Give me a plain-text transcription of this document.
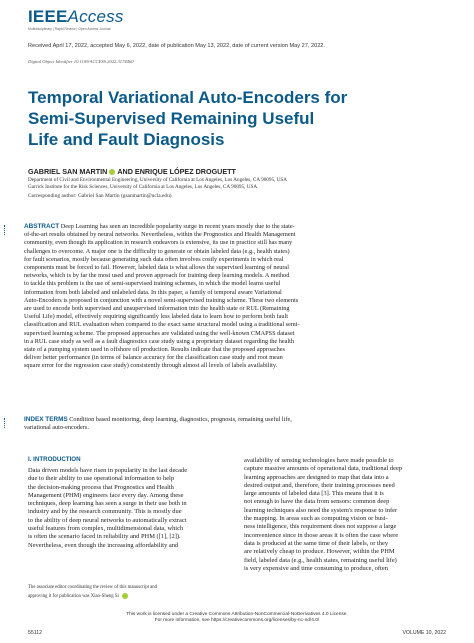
IEEEAccess
Multidisciplinary | Rapid Review | Open Access Journal
Received April 17, 2022, accepted May 6, 2022, date of publication May 13, 2022, date of current version May 27, 2022.
Digital Object Identifier 10.1109/ACCESS.2022.3174460
Temporal Variational Auto-Encoders for
Semi-Supervised Remaining Useful
Life and Fault Diagnosis
GABRIEL SAN MARTIN AND ENRIQUE LÓPEZ DROGUETT
Department of Civil and Environmental Engineering, University of California at Los Angeles, Los Angeles, CA 90095, USA
Garrick Institute for the Risk Sciences, University of California at Los Angeles, Los Angeles, CA 90095, USA
Corresponding author: Gabriel San Martín (gsanmartin@ucla.edu)
ABSTRACT Deep Learning has seen an incredible popularity surge in recent years mostly due to the state-
of-the-art results obtained by neural networks. Nevertheless, within the Prognostics and Health Management
community, even though its application in research endeavors is extensive, its use in practice still has many
challenges to overcome. A major one is the difficulty to generate or obtain labeled data (e.g., health states)
for fault scenarios, mostly because generating such data often involves costly experiments in which real
components must be forced to fail. However, labeled data is what allows the supervised learning of neural
networks, which is by far the most used and proven approach for training deep learning models. A method
to tackle this problem is the use of semi-supervised training schemes, in which the model learns useful
information from both labeled and unlabeled data. In this paper, a family of temporal aware Variational
Auto-Encoders is proposed in conjunction with a novel semi-supervised training scheme. These two elements
are used to encode both supervised and unsupervised information into the health state or RUL (Remaining
Useful Life) model, effectively requiring significantly less labeled data to learn how to perform both fault
classification and RUL evaluation when compared to the exact same structural model using a traditional semi-
supervised learning scheme. The proposed approaches are validated using the well-known CMAPSS dataset
in a RUL case study as well as a fault diagnostics case study using a proprietary dataset regarding the health
state of a pumping system used in offshore oil production. Results indicate that the proposed approaches
deliver better performance (in terms of balance accuracy for the classification case study and root mean
square error for the regression case study) consistently through almost all levels of labels availability.
INDEX TERMS Condition based monitoring, deep learning, diagnostics, prognosis, remaining useful life,
variational auto-encoders.
I. INTRODUCTION
Data driven models have risen in popularity in the last decade
due to their ability to use operational information to help
the decision-making process that Prognostics and Health
Management (PHM) engineers face every day. Among these
techniques, deep learning has seen a surge in their use both in
industry and by the research community. This is mostly due
to the ability of deep neural networks to automatically extract
useful features from complex, multidimensional data, which
is often the scenario faced in reliability and PHM ([1], [2]).
Nevertheless, even though the increasing affordability and
availability of sensing technologies have made possible to
capture massive amounts of operational data, traditional deep
learning approaches are designed to map that data into a
desired output and, therefore, their training processes need
large amounts of labeled data [3]. This means that it is
not enough to have the data from sensors: common deep
learning techniques also need the system's response to infer
the mapping. In areas such as computing vision or busi-
ness intelligence, this requirement does not suppose a large
inconvenience since in those areas it is often the case where
data is produced at the same time of their labels, or they
are relatively cheap to produce. However, within the PHM
field, labeled data (e.g., health states, remaining useful life)
is very expensive and time consuming to produce, often
The associate editor coordinating the review of this manuscript and
approving it for publication was Xiao-Sheng Si
This work is licensed under a Creative Commons Attribution-NonCommercial-NoDerivatives 4.0 License.
For more information, see https://creativecommons.org/licenses/by-nc-nd/4.0/
55112	VOLUME 10, 2022
